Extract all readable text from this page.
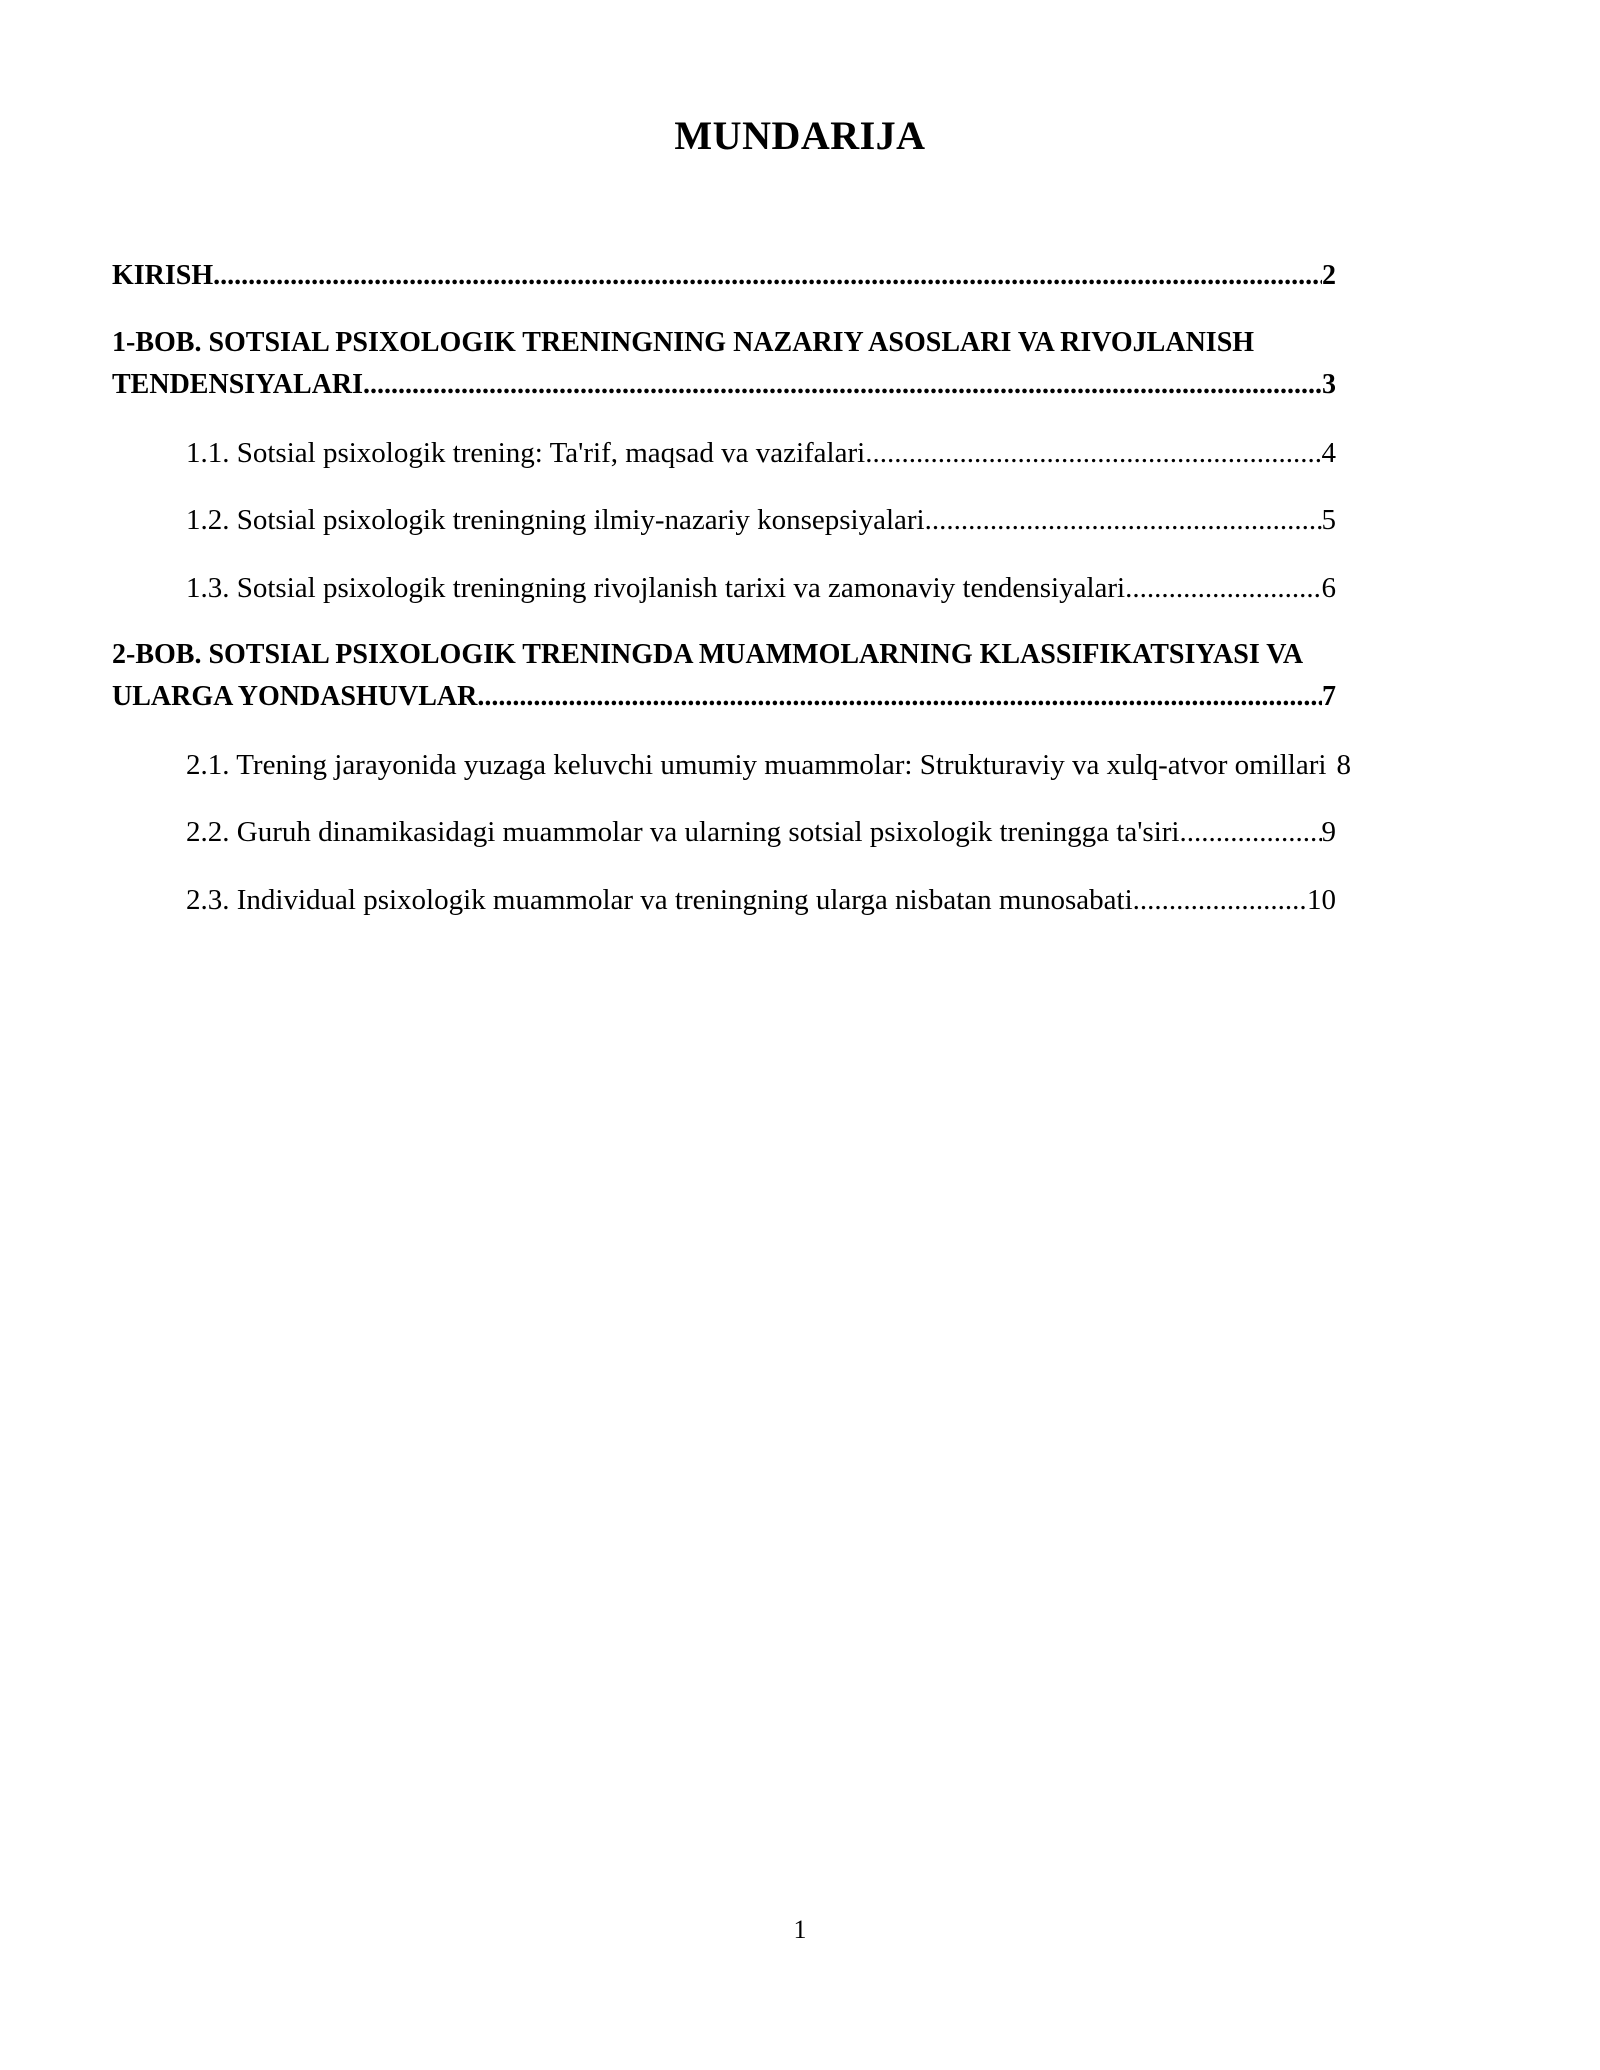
MUNDARIJA
KIRISH .....	2
1-BOB. SOTSIAL PSIXOLOGIK TRENINGNING NAZARIY ASOSLARI VA RIVOJLANISH
TENDENSIYALARI .....	3
1.1. Sotsial psixologik trening: Ta'rif, maqsad va vazifalari .....	4
1.2. Sotsial psixologik treningning ilmiy-nazariy konsepsiyalari .....	5
1.3. Sotsial psixologik treningning rivojlanish tarixi va zamonaviy tendensiyalari .....	6
2-BOB. SOTSIAL PSIXOLOGIK TRENINGDA MUAMMOLARNING KLASSIFIKATSIYASI VA
ULARGA YONDASHUVLAR .....	7
2.1. Trening jarayonida yuzaga keluvchi umumiy muammolar: Strukturaviy va xulq-atvor omillari 8
2.2. Guruh dinamikasidagi muammolar va ularning sotsial psixologik treningga ta'siri .....	9
2.3. Individual psixologik muammolar va treningning ularga nisbatan munosabati .....	10
1
